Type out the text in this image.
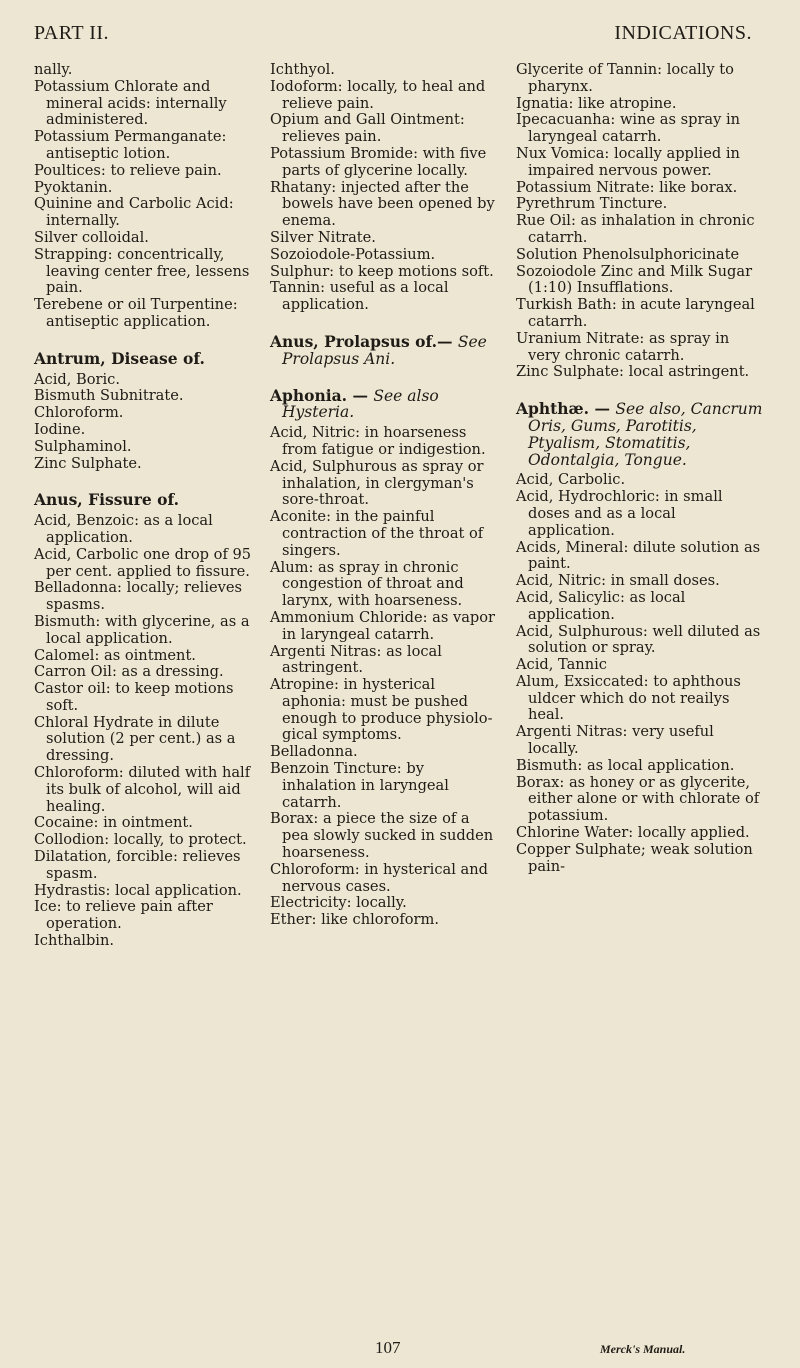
PART II.	INDICATIONS.
nally.
Potassium Chlorate and mineral acids: internally administered.
Potassium Permanganate: antiseptic lotion.
Poultices: to relieve pain.
Pyoktanin.
Quinine and Carbolic Acid: internally.
Silver colloidal.
Strapping: concentrically, leaving center free, lessens pain.
Terebene or oil Turpentine: antiseptic application.
Antrum, Disease of.
Acid, Boric.
Bismuth Subnitrate.
Chloroform.
Iodine.
Sulphaminol.
Zinc Sulphate.
Anus, Fissure of.
Acid, Benzoic: as a local application.
Acid, Carbolic one drop of 95 per cent. applied to fissure.
Belladonna: locally; relieves spasms.
Bismuth: with glycerine, as a local application.
Calomel: as ointment.
Carron Oil: as a dressing.
Castor oil: to keep motions soft.
Chloral Hydrate in dilute solution (2 per cent.) as a dressing.
Chloroform: diluted with half its bulk of alcohol, will aid healing.
Cocaine: in ointment.
Collodion: locally, to protect.
Dilatation, forcible: relieves spasm.
Hydrastis: local application.
Ice: to relieve pain after operation.
Ichthalbin.
Ichthyol.
Iodoform: locally, to heal and relieve pain.
Opium and Gall Ointment: relieves pain.
Potassium Bromide: with five parts of glycerine locally.
Rhatany: injected after the bowels have been opened by enema.
Silver Nitrate.
Sozoiodole-Potassium.
Sulphur: to keep motions soft.
Tannin: useful as a local application.
Anus, Prolapsus of.— See Prolapsus Ani.
Aphonia. — See also Hysteria.
Acid, Nitric: in hoarseness from fatigue or indigestion.
Acid, Sulphurous as spray or inhalation, in clergyman's sore-throat.
Aconite: in the painful contraction of the throat of singers.
Alum: as spray in chronic congestion of throat and larynx, with hoarseness.
Ammonium Chloride: as vapor in laryngeal catarrh.
Argenti Nitras: as local astringent.
Atropine: in hysterical aphonia: must be pushed enough to produce physiological symptoms.
Belladonna.
Benzoin Tincture: by inhalation in laryngeal catarrh.
Borax: a piece the size of a pea slowly sucked in sudden hoarseness.
Chloroform: in hysterical and nervous cases.
Electricity: locally.
Ether: like chloroform.
Glycerite of Tannin: locally to pharynx.
Ignatia: like atropine.
Ipecacuanha: wine as spray in laryngeal catarrh.
Nux Vomica: locally applied in impaired nervous power.
Potassium Nitrate: like borax.
Pyrethrum Tincture.
Rue Oil: as inhalation in chronic catarrh.
Solution Phenolsulphoricinate
Sozoiodole Zinc and Milk Sugar (1:10) Insufflations.
Turkish Bath: in acute laryngeal catarrh.
Uranium Nitrate: as spray in very chronic catarrh.
Zinc Sulphate: local astringent.
Aphthæ. — See also, Cancrum Oris, Gums, Parotitis, Ptyalism, Stomatitis, Odontalgia, Tongue.
Acid, Carbolic.
Acid, Hydrochloric: in small doses and as a local application.
Acids, Mineral: dilute solution as paint.
Acid, Nitric: in small doses.
Acid, Salicylic: as local application.
Acid, Sulphurous: well diluted as solution or spray.
Acid, Tannic
Alum, Exsiccated: to aphthous uldcer which do not reailys heal.
Argenti Nitras: very useful locally.
Bismuth: as local application.
Borax: as honey or as glycerite, either alone or with chlorate of potassium.
Chlorine Water: locally applied.
Copper Sulphate; weak solution pain-
107	Merck's Manual.
